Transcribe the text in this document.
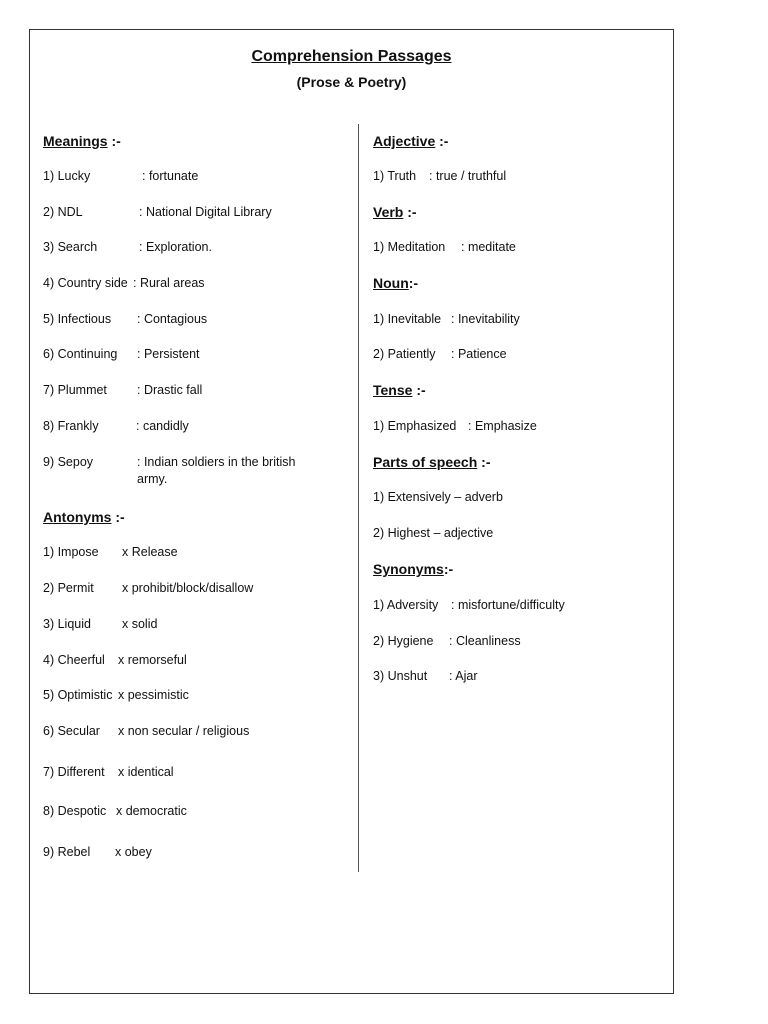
Comprehension Passages
(Prose & Poetry)
Meanings :-
1) Lucky	: fortunate
2) NDL	: National Digital Library
3) Search	: Exploration.
4) Country side : Rural areas
5) Infectious : Contagious
6) Continuing : Persistent
7) Plummet : Drastic fall
8) Frankly	: candidly
9) Sepoy	: Indian soldiers in the british army.
Antonyms :-
1) Impose x Release
2) Permit x prohibit/block/disallow
3) Liquid x solid
4) Cheerful x remorseful
5) Optimistic x pessimistic
6) Secular x non secular / religious
7) Different x identical
8) Despotic x democratic
9) Rebel x obey
Adjective :-
1) Truth : true / truthful
Verb :-
1) Meditation : meditate
Noun:-
1) Inevitable : Inevitability
2) Patiently : Patience
Tense :-
1) Emphasized : Emphasize
Parts of speech :-
1) Extensively – adverb
2) Highest – adjective
Synonyms:-
1) Adversity : misfortune/difficulty
2) Hygiene : Cleanliness
3) Unshut : Ajar
